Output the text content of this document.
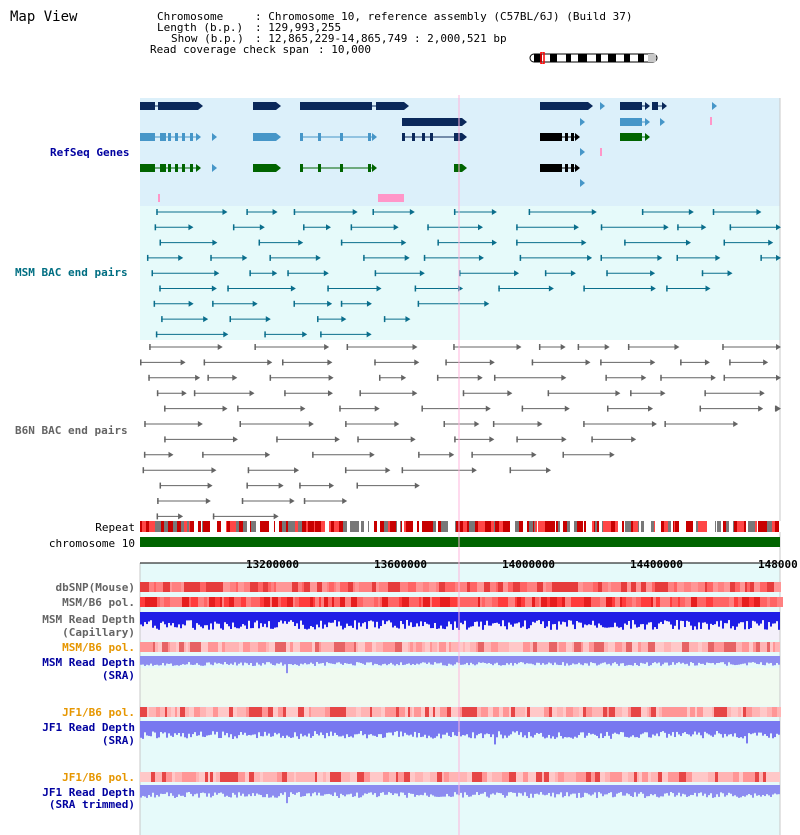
Map View

	Chromosome

	: Chromosome 10, reference assembly (C57BL/6J) (Build 37)

Length (b.p.)

: 129,993,255

Show (b.p.)

: 12,865,229-14,865,749 : 2,000,521 bp

Read coverage check span

: 10,000

13200000	13600000	14000000	14400000	148000
RefSeq Genes
MSM BAC end pairs
B6N BAC end pairs
Repeat
chromosome 10
dbSNP(Mouse)
MSM/B6 pol.
MSM Read Depth
(Capillary)
MSM/B6 pol.
MSM Read Depth
(SRA)
JF1/B6 pol.
JF1 Read Depth
(SRA)
JF1/B6 pol.
JF1 Read Depth
(SRA trimmed)
